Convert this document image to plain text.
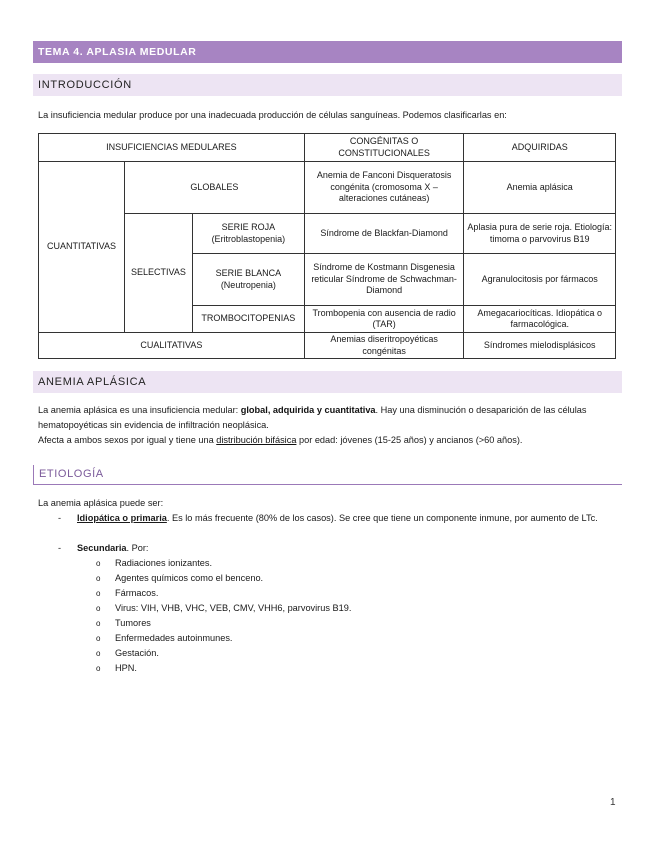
TEMA 4. APLASIA MEDULAR
INTRODUCCIÓN
La insuficiencia medular produce por una inadecuada producción de células sanguíneas. Podemos clasificarlas en:
INSUFICIENCIAS MEDULARES			CONGÉNITAS O CONSTITUCIONALES	ADQUIRIDAS
CUANTITATIVAS	GLOBALES		Anemia de Fanconi Disqueratosis congénita (cromosoma X – alteraciones cutáneas)	Anemia aplásica
	SELECTIVAS	SERIE ROJA (Eritroblastopenia)	Síndrome de Blackfan-Diamond	Aplasia pura de serie roja. Etiología: timoma o parvovirus B19
		SERIE BLANCA (Neutropenia)	Síndrome de Kostmann Disgenesia reticular Síndrome de Schwachman-Diamond	Agranulocitosis por fármacos
		TROMBOCITOPENIAS	Trombopenia con ausencia de radio (TAR)	Amegacariocíticas. Idiopática o farmacológica.
CUALITATIVAS			Anemias diseritropoyéticas congénitas	Síndromes mielodisplásicos
ANEMIA APLÁSICA
La anemia aplásica es una insuficiencia medular: global, adquirida y cuantitativa. Hay una disminución o desaparición de las células hematopoyéticas sin evidencia de infiltración neoplásica.
Afecta a ambos sexos por igual y tiene una distribución bifásica por edad: jóvenes (15-25 años) y ancianos (>60 años).
ETIOLOGÍA
La anemia aplásica puede ser:
- Idiopática o primaria. Es lo más frecuente (80% de los casos). Se cree que tiene un componente inmune, por aumento de LTc.
- Secundaria. Por:
o Radiaciones ionizantes.
o Agentes químicos como el benceno.
o Fármacos.
o Virus: VIH, VHB, VHC, VEB, CMV, VHH6, parvovirus B19.
o Tumores
o Enfermedades autoinmunes.
o Gestación.
o HPN.
1
